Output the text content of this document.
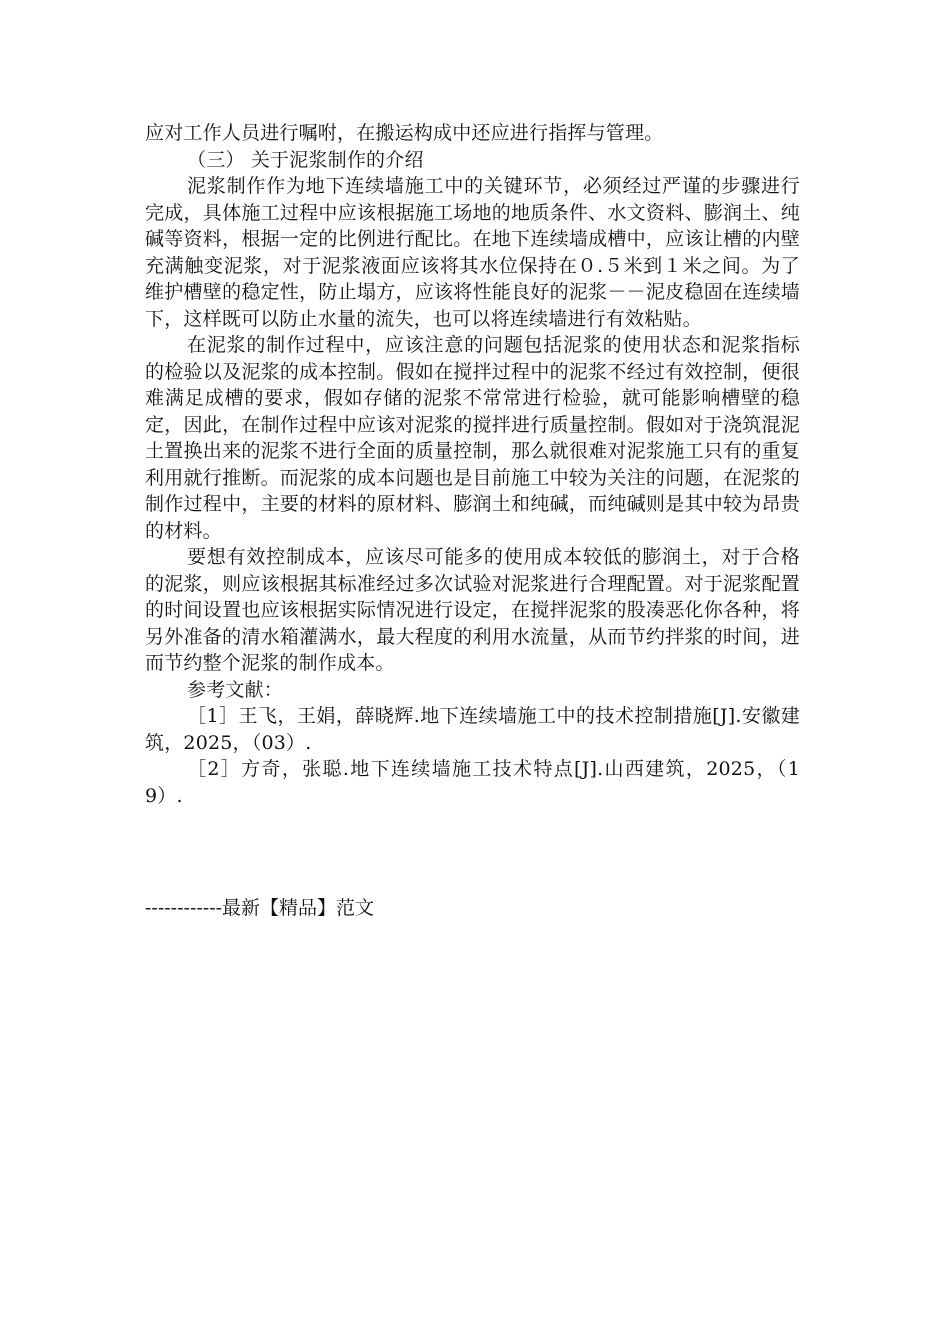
应对工作人员进行嘱咐，在搬运构成中还应进行指挥与管理。

（三） 关于泥浆制作的介绍

泥浆制作作为地下连续墙施工中的关键环节，必须经过严谨的步骤进行完成，具体施工过程中应该根据施工场地的地质条件、水文资料、膨润土、纯碱等资料，根据一定的比例进行配比。在地下连续墙成槽中，应该让槽的内壁充满触变泥浆，对于泥浆液面应该将其水位保持在０.５米到１米之间。为了维护槽壁的稳定性，防止塌方，应该将性能良好的泥浆－－泥皮稳固在连续墙下，这样既可以防止水量的流失，也可以将连续墙进行有效粘贴。

在泥浆的制作过程中，应该注意的问题包括泥浆的使用状态和泥浆指标的检验以及泥浆的成本控制。假如在搅拌过程中的泥浆不经过有效控制，便很难满足成槽的要求，假如存储的泥浆不常常进行检验，就可能影响槽壁的稳定，因此，在制作过程中应该对泥浆的搅拌进行质量控制。假如对于浇筑混泥土置换出来的泥浆不进行全面的质量控制，那么就很难对泥浆施工只有的重复利用就行推断。而泥浆的成本问题也是目前施工中较为关注的问题，在泥浆的制作过程中，主要的材料的原材料、膨润土和纯碱，而纯碱则是其中较为昂贵的材料。

要想有效控制成本，应该尽可能多的使用成本较低的膨润土，对于合格的泥浆，则应该根据其标准经过多次试验对泥浆进行合理配置。对于泥浆配置的时间设置也应该根据实际情况进行设定，在搅拌泥浆的股凑恶化你各种，将另外准备的清水箱灌满水，最大程度的利用水流量，从而节约拌浆的时间，进而节约整个泥浆的制作成本。

参考文献：

［1］王飞，王娟，薛晓辉.地下连续墙施工中的技术控制措施[J].安徽建筑，2025，（03）.

［2］方奇，张聪.地下连续墙施工技术特点[J].山西建筑，2025，（19）.

------------最新【精品】范文
